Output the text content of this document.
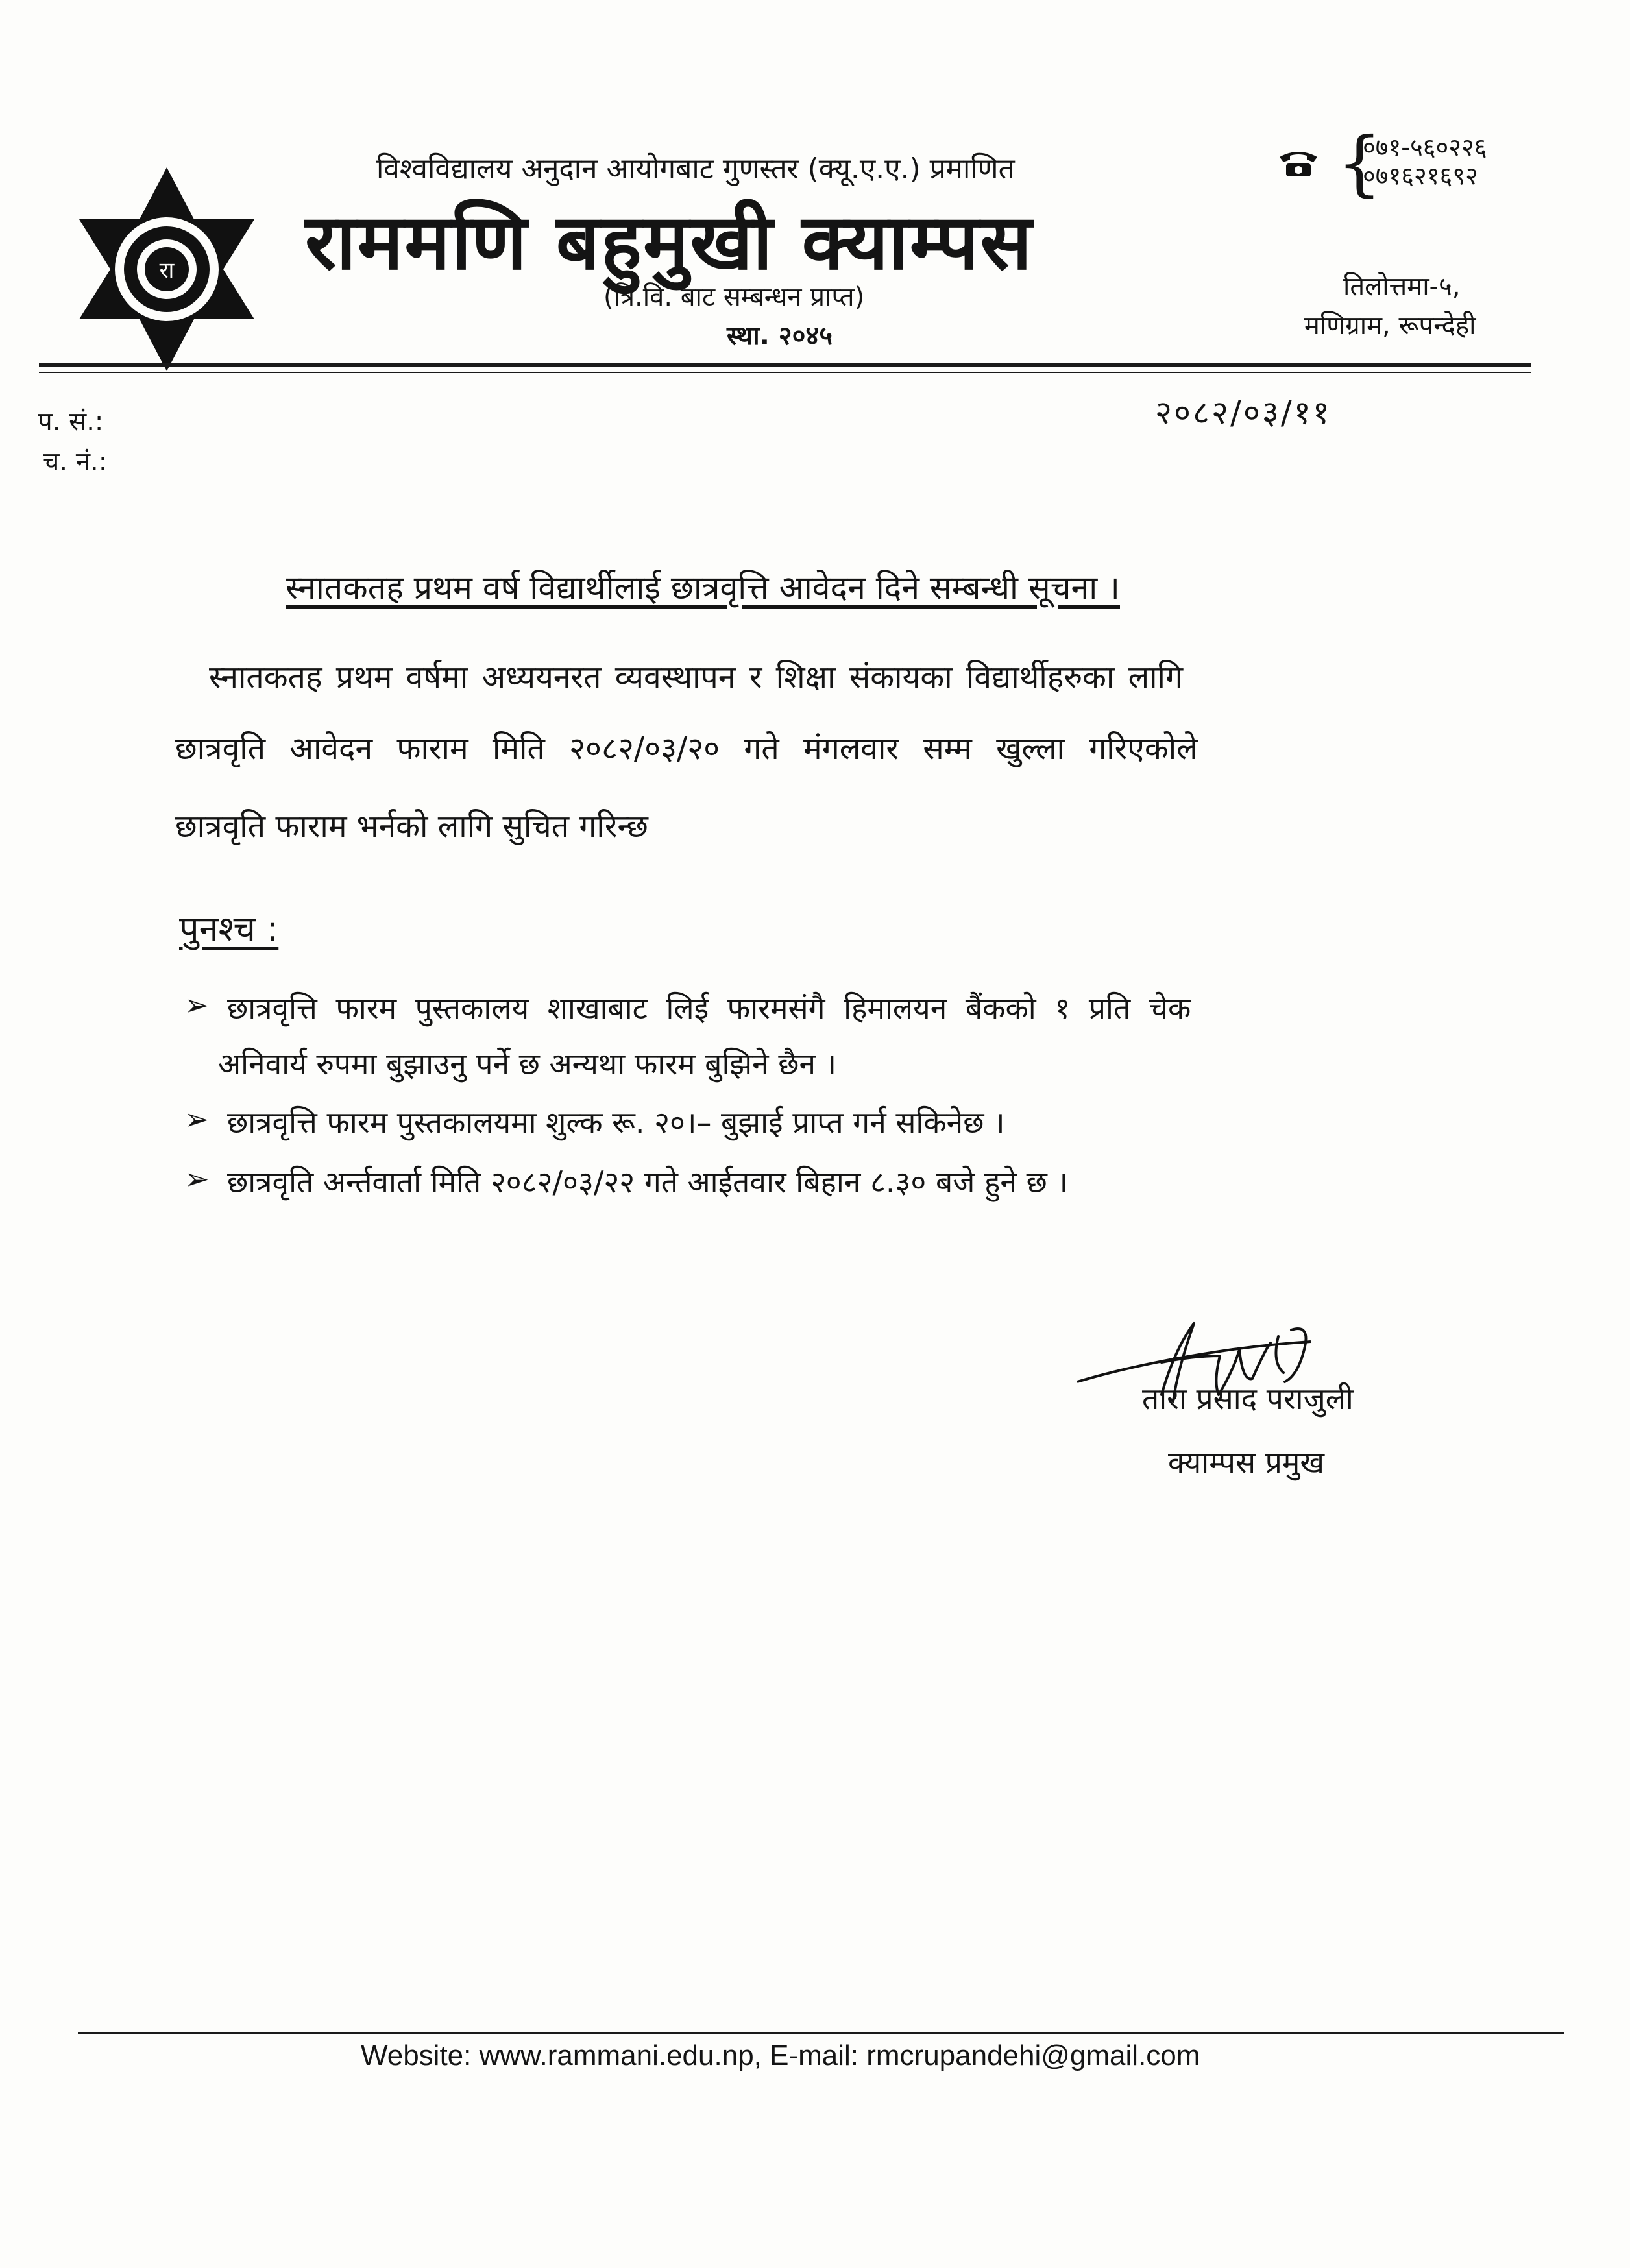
रा
विश्वविद्यालय अनुदान आयोगबाट गुणस्तर (क्यू.ए.ए.) प्रमाणित
राममणि बहुमुखी क्याम्पस
(त्रि.वि. बाट सम्बन्धन प्राप्त)
स्था. २०४५
{
०७१-५६०२२६
०७१६२१६९२
तिलोत्तमा-५,
मणिग्राम, रूपन्देही
प. सं.:
च. नं.:
२०८२/०३/११
स्नातकतह प्रथम वर्ष विद्यार्थीलाई छात्रवृत्ति आवेदन दिने सम्बन्धी सूचना ।
स्नातकतह प्रथम वर्षमा अध्ययनरत व्यवस्थापन र शिक्षा संकायका विद्यार्थीहरुका लागि
छात्रवृति आवेदन फाराम मिति २०८२/०३/२० गते मंगलवार सम्म खुल्ला गरिएकोले
छात्रवृति फाराम भर्नको लागि सुचित गरिन्छ
पुनश्च :
➢ छात्रवृत्ति फारम पुस्तकालय शाखाबाट लिई फारमसंगै हिमालयन बैंकको १ प्रति चेक
अनिवार्य रुपमा बुझाउनु पर्ने छ अन्यथा फारम बुझिने छैन ।
➢ छात्रवृत्ति फारम पुस्तकालयमा शुल्क रू. २०।– बुझाई प्राप्त गर्न सकिनेछ ।
➢ छात्रवृति अर्न्तवार्ता मिति २०८२/०३/२२ गते आईतवार बिहान ८.३० बजे हुने छ ।
तारा प्रसाद पराजुली
क्याम्पस प्रमुख
Website: www.rammani.edu.np, E-mail: rmcrupandehi@gmail.com
